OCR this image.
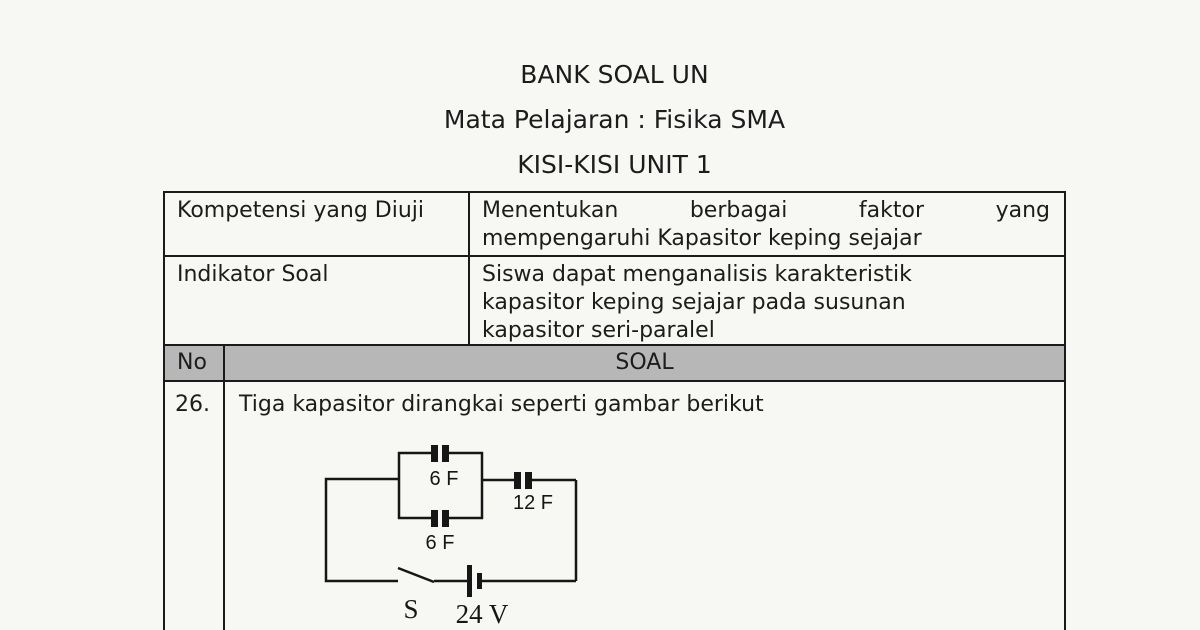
BANK SOAL UN
Mata Pelajaran : Fisika SMA
KISI-KISI UNIT 1
Kompetensi yang Diuji	Menentukan berbagai faktor yang
mempengaruhi Kapasitor keping sejajar
Indikator Soal	Siswa dapat menganalisis karakteristik
kapasitor keping sejajar pada susunan
kapasitor seri-paralel
No	SOAL
26.	Tiga kapasitor dirangkai seperti gambar berikut
6 F
6 F
12 F
S 24 V
